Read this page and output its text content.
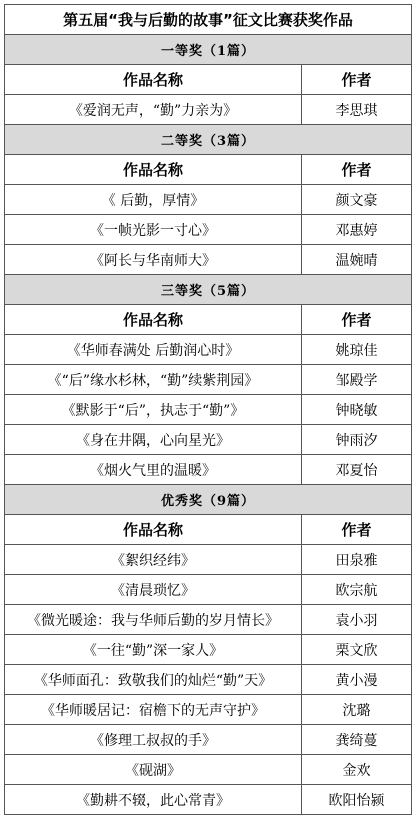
第五届“我与后勤的故事”征文比赛获奖作品	
一等奖（1篇）	
作品名称	作者
《爱润无声，“勤”力亲为》	李思琪
二等奖（3篇）	
作品名称	作者
《 后勤，厚情》	颜文豪
《一帧光影一寸心》	邓惠婷
《阿长与华南师大》	温婉晴
三等奖（5篇）	
作品名称	作者
《华师春满处 后勤润心时》	姚琼佳
《“后”缘水杉林，“勤”续紫荆园》	邹殿学
《默影于“后”，执志于“勤”》	钟晓敏
《身在井隅，心向星光》	钟雨汐
《烟火气里的温暖》	邓夏怡
优秀奖（9篇）	
作品名称	作者
《絮织经纬》	田泉雅
《清晨琐忆》	欧宗航
《微光暖途：我与华师后勤的岁月情长》	袁小羽
《一往“勤”深一家人》	栗文欣
《华师面孔：致敬我们的灿烂“勤”天》	黄小漫
《华师暖居记：宿檐下的无声守护》	沈璐
《修理工叔叔的手》	龚绮蔓
《砚湖》	金欢
《勤耕不辍，此心常青》	欧阳怡颍
